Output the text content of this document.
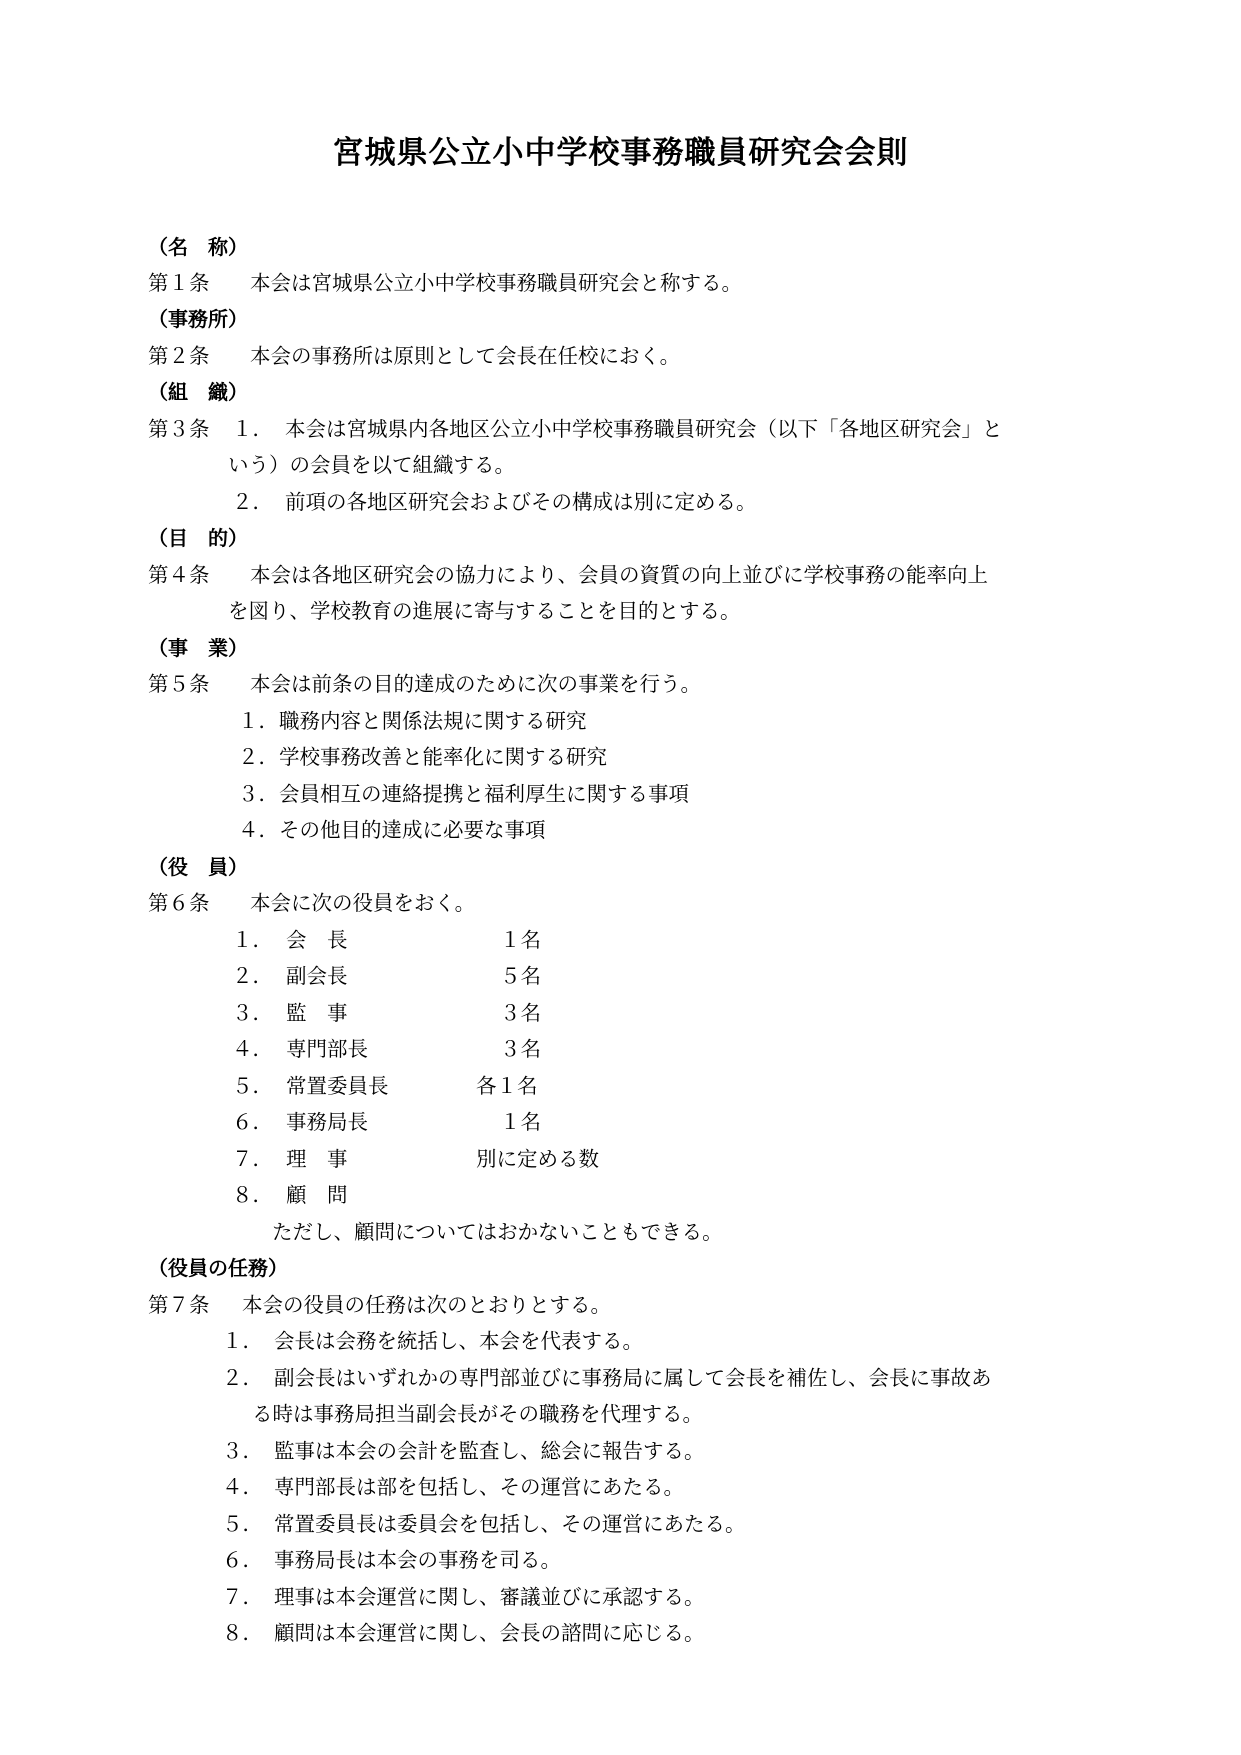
宮城県公立小中学校事務職員研究会会則
（名　称）
第１条 本会は宮城県公立小中学校事務職員研究会と称する。
（事務所）
第２条 本会の事務所は原則として会長在任校におく。
（組　織）
第３条 １． 本会は宮城県内各地区公立小中学校事務職員研究会（以下「各地区研究会」と
いう）の会員を以て組織する。
２． 前項の各地区研究会およびその構成は別に定める。
（目　的）
第４条 本会は各地区研究会の協力により、会員の資質の向上並びに学校事務の能率向上
を図り、学校教育の進展に寄与することを目的とする。
（事　業）
第５条 本会は前条の目的達成のために次の事業を行う。
１．職務内容と関係法規に関する研究
２．学校事務改善と能率化に関する研究
３．会員相互の連絡提携と福利厚生に関する事項
４．その他目的達成に必要な事項
（役　員）
第６条 本会に次の役員をおく。
１． 会　長	１名
２． 副会長	５名
３． 監　事	３名
４． 専門部長	３名
５． 常置委員長	各１名
６． 事務局長	１名
７． 理　事	別に定める数
８． 顧　問
ただし、顧問についてはおかないこともできる。
（役員の任務）
第７条 本会の役員の任務は次のとおりとする。
１． 会長は会務を統括し、本会を代表する。
２． 副会長はいずれかの専門部並びに事務局に属して会長を補佐し、会長に事故あ
る時は事務局担当副会長がその職務を代理する。
３． 監事は本会の会計を監査し、総会に報告する。
４． 専門部長は部を包括し、その運営にあたる。
５． 常置委員長は委員会を包括し、その運営にあたる。
６． 事務局長は本会の事務を司る。
７． 理事は本会運営に関し、審議並びに承認する。
８． 顧問は本会運営に関し、会長の諮問に応じる。
